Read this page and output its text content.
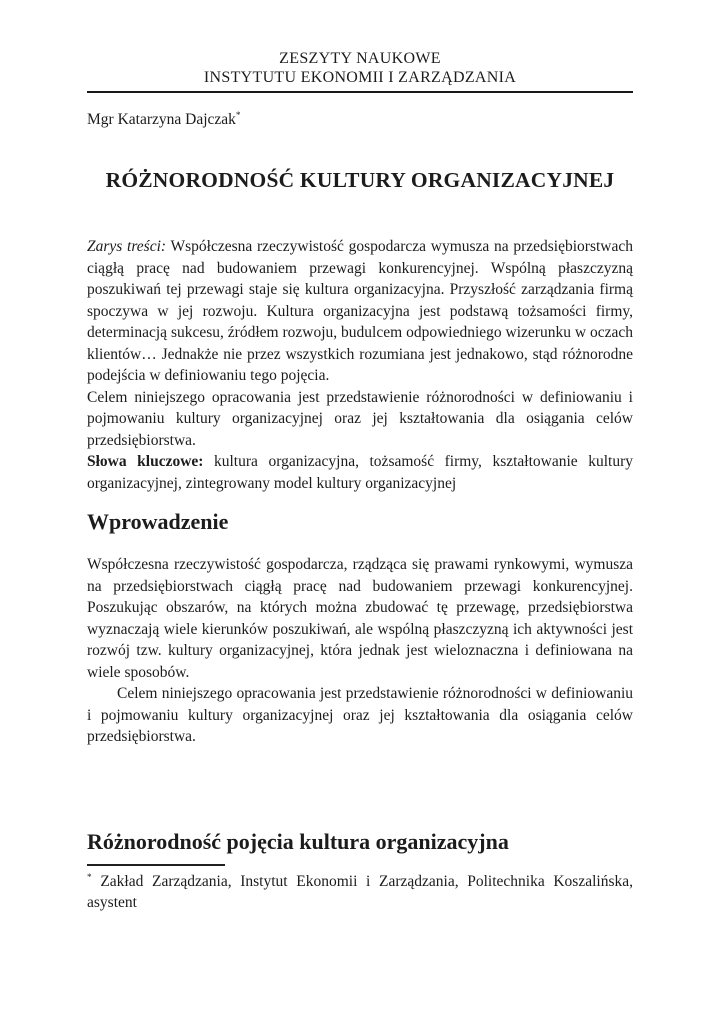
ZESZYTY NAUKOWE
INSTYTUTU EKONOMII I ZARZĄDZANIA
Mgr Katarzyna Dajczak*
RÓŻNORODNOŚĆ KULTURY ORGANIZACYJNEJ

Zarys treści: Współczesna rzeczywistość gospodarcza wymusza na przedsiębiorstwach ciągłą pracę nad budowaniem przewagi konkurencyjnej. Wspólną płaszczyzną poszukiwań tej przewagi staje się kultura organizacyjna. Przyszłość zarządzania firmą spoczywa w jej rozwoju. Kultura organizacyjna jest podstawą tożsamości firmy, determinacją sukcesu, źródłem rozwoju, budulcem odpowiedniego wizerunku w oczach klientów… Jednakże nie przez wszystkich rozumiana jest jednakowo, stąd różnorodne podejścia w definiowaniu tego pojęcia.

Celem niniejszego opracowania jest przedstawienie różnorodności w definiowaniu i pojmowaniu kultury organizacyjnej oraz jej kształtowania dla osiągania celów przedsiębiorstwa.

Słowa kluczowe: kultura organizacyjna, tożsamość firmy, kształtowanie kultury organizacyjnej, zintegrowany model kultury organizacyjnej

Wprowadzenie

Współczesna rzeczywistość gospodarcza, rządząca się prawami rynkowymi, wymusza na przedsiębiorstwach ciągłą pracę nad budowaniem przewagi konkurencyjnej. Poszukując obszarów, na których można zbudować tę przewagę, przedsiębiorstwa wyznaczają wiele kierunków poszukiwań, ale wspólną płaszczyzną ich aktywności jest rozwój tzw. kultury organizacyjnej, która jednak jest wieloznaczna i definiowana na wiele sposobów.

Celem niniejszego opracowania jest przedstawienie różnorodności w definiowaniu i pojmowaniu kultury organizacyjnej oraz jej kształtowania dla osiągania celów przedsiębiorstwa.

Różnorodność pojęcia kultura organizacyjna
* Zakład Zarządzania, Instytut Ekonomii i Zarządzania, Politechnika Koszalińska, asystent
